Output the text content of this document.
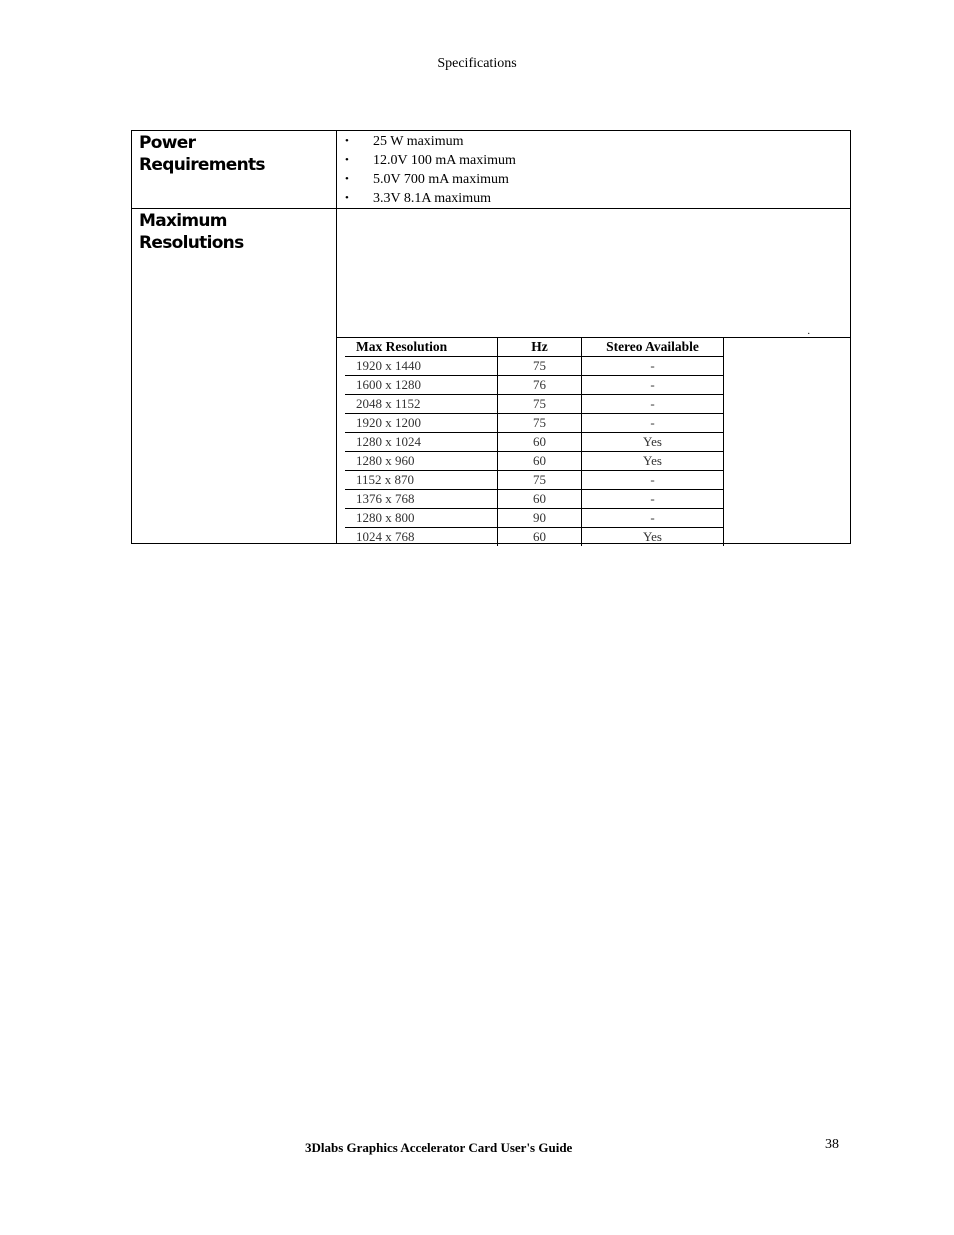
Specifications
Power
Requirements
•	25 W maximum
•	12.0V 100 mA maximum
•	5.0V 700 mA maximum
•	3.3V 8.1A maximum
Maximum
Resolutions
.
Max Resolution	Hz	Stereo Available
1920 x 1440	75	-
1600 x 1280	76	-
2048 x 1152	75	-
1920 x 1200	75	-
1280 x 1024	60	Yes
1280 x 960	60	Yes
1152 x 870	75	-
1376 x 768	60	-
1280 x 800	90	-
1024 x 768	60	Yes
3Dlabs Graphics Accelerator Card User's Guide	38
